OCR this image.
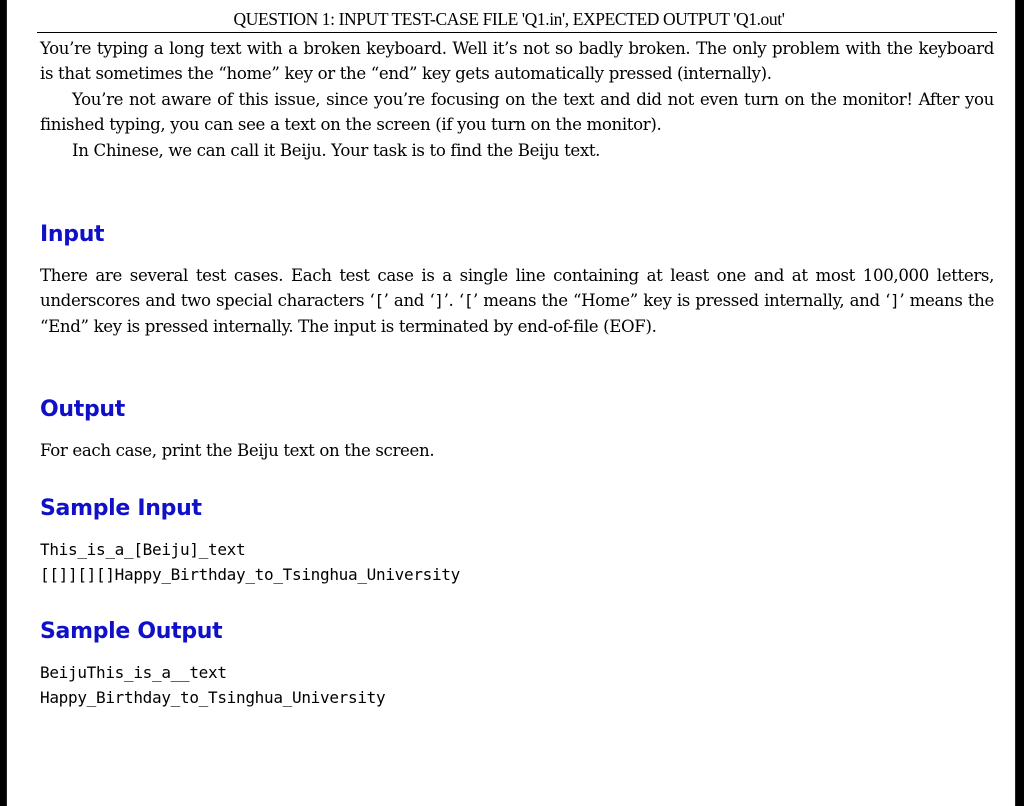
QUESTION 1: INPUT TEST-CASE FILE 'Q1.in', EXPECTED OUTPUT 'Q1.out'

You’re typing a long text with a broken keyboard. Well it’s not so badly broken. The only problem with the keyboard is that sometimes the “home” key or the “end” key gets automatically pressed (internally).

You’re not aware of this issue, since you’re focusing on the text and did not even turn on the monitor! After you finished typing, you can see a text on the screen (if you turn on the monitor).

In Chinese, we can call it Beiju. Your task is to find the Beiju text.

Input

There are several test cases. Each test case is a single line containing at least one and at most 100,000 letters, underscores and two special characters ‘[’ and ‘]’. ‘[’ means the “Home” key is pressed internally, and ‘]’ means the “End” key is pressed internally. The input is terminated by end-of-file (EOF).

Output

For each case, print the Beiju text on the screen.

Sample Input

This_is_a_[Beiju]_text

[[]][][]Happy_Birthday_to_Tsinghua_University

Sample Output

BeijuThis_is_a__text

Happy_Birthday_to_Tsinghua_University
